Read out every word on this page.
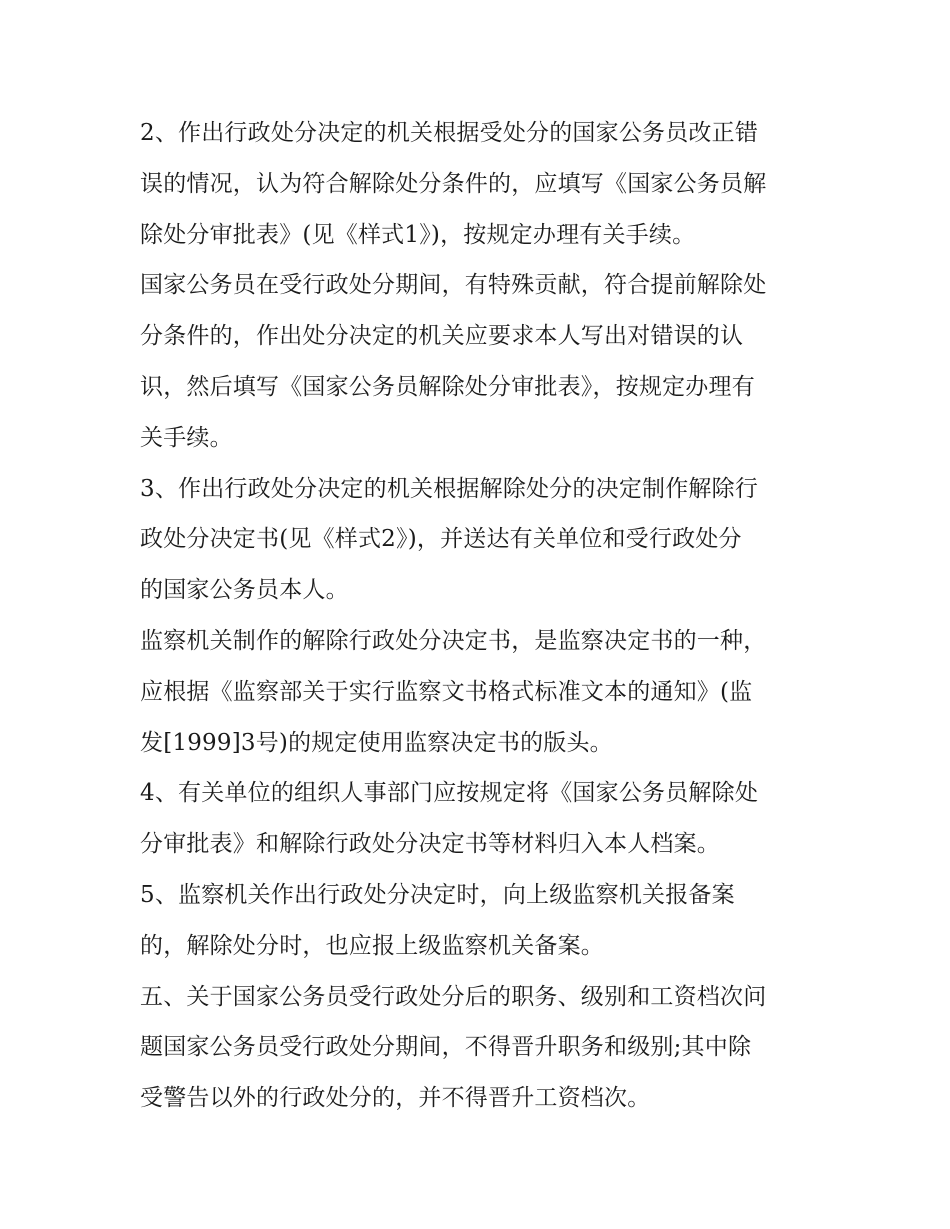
2、作出行政处分决定的机关根据受处分的国家公务员改正错
误的情况，认为符合解除处分条件的，应填写《国家公务员解
除处分审批表》(见《样式1》)，按规定办理有关手续。
国家公务员在受行政处分期间，有特殊贡献，符合提前解除处
分条件的，作出处分决定的机关应要求本人写出对错误的认
识，然后填写《国家公务员解除处分审批表》，按规定办理有
关手续。
3、作出行政处分决定的机关根据解除处分的决定制作解除行
政处分决定书(见《样式2》)，并送达有关单位和受行政处分
的国家公务员本人。
监察机关制作的解除行政处分决定书，是监察决定书的一种，
应根据《监察部关于实行监察文书格式标准文本的通知》(监
发[1999]3号)的规定使用监察决定书的版头。
4、有关单位的组织人事部门应按规定将《国家公务员解除处
分审批表》和解除行政处分决定书等材料归入本人档案。
5、监察机关作出行政处分决定时，向上级监察机关报备案
的，解除处分时，也应报上级监察机关备案。
五、关于国家公务员受行政处分后的职务、级别和工资档次问
题国家公务员受行政处分期间，不得晋升职务和级别;其中除
受警告以外的行政处分的，并不得晋升工资档次。
